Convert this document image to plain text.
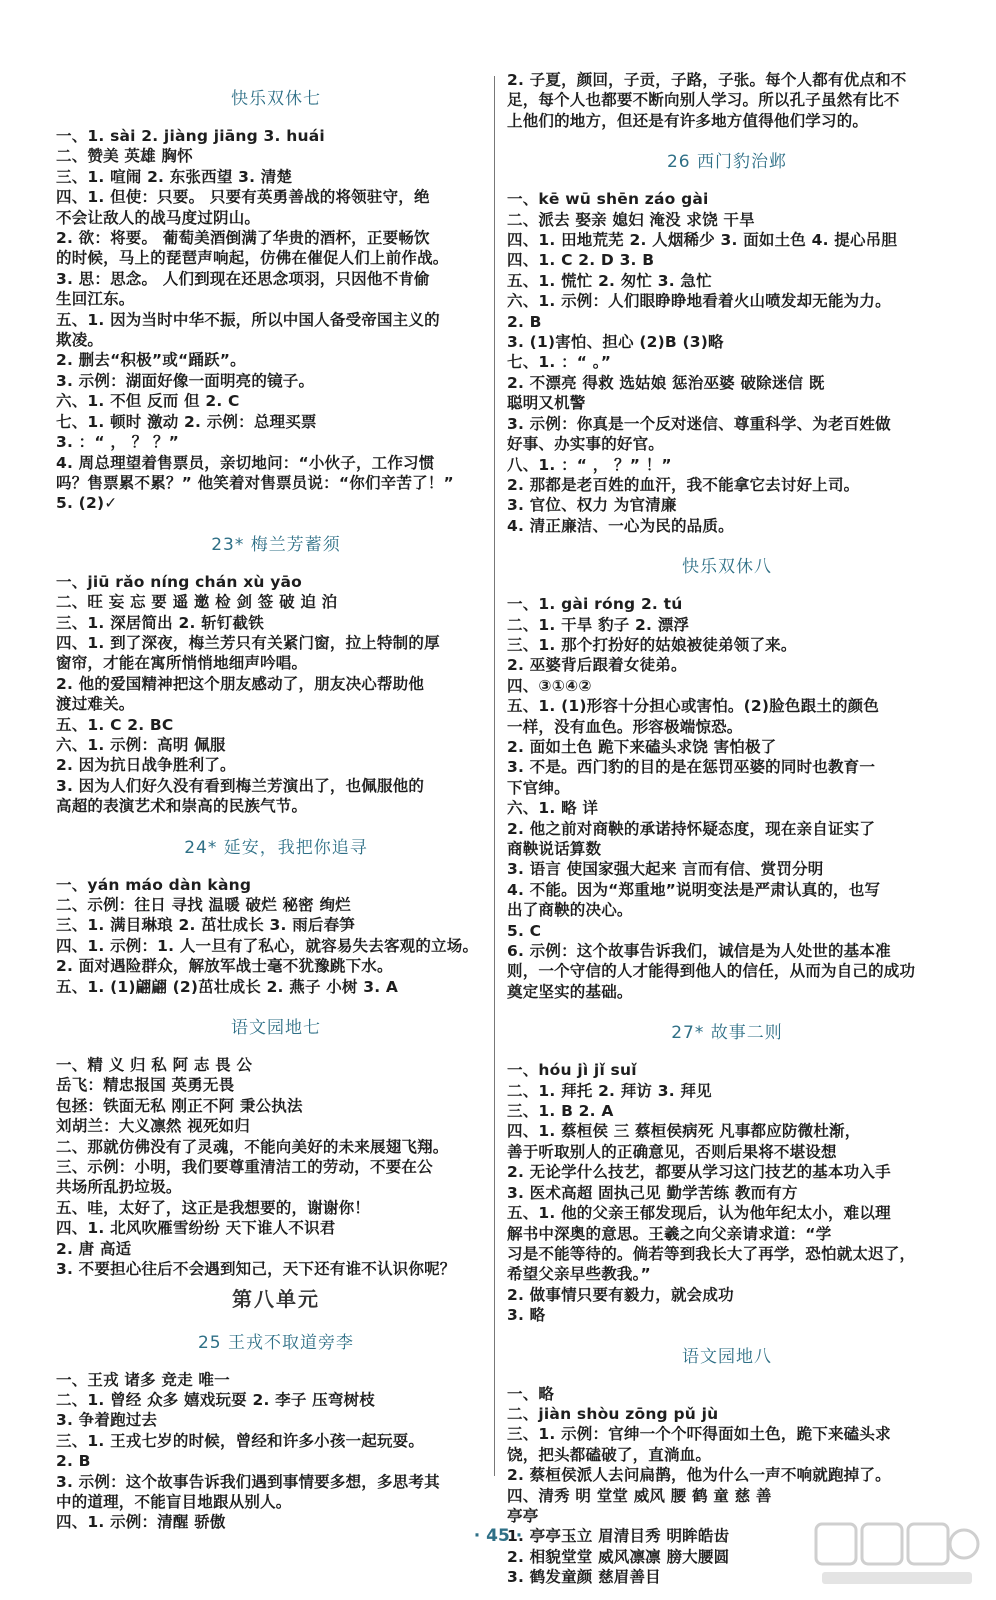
快乐双休七
一、1. sài 2. jiàng jiāng 3. huái
二、赞美 英雄 胸怀
三、1. 喧闹 2. 东张西望 3. 清楚
四、1. 但使：只要。 只要有英勇善战的将领驻守，绝
不会让敌人的战马度过阴山。
2. 欲：将要。 葡萄美酒倒满了华贵的酒杯，正要畅饮
的时候，马上的琵琶声响起，仿佛在催促人们上前作战。
3. 思：思念。 人们到现在还思念项羽，只因他不肯偷
生回江东。
五、1. 因为当时中华不振，所以中国人备受帝国主义的
欺凌。
2. 删去“积极”或“踊跃”。
3. 示例：湖面好像一面明亮的镜子。
六、1. 不但 反而 但 2. C
七、1. 顿时 激动 2. 示例：总理买票
3. ：“ ， ？ ？”
4. 周总理望着售票员，亲切地问：“小伙子，工作习惯
吗？售票累不累？” 他笑着对售票员说：“你们辛苦了！”
5. (2)✓
23* 梅兰芳蓄须
一、jiū rǎo níng chán xù yāo
二、旺 妄 忘 要 遥 邀 检 剑 签 破 迫 泊
三、1. 深居简出 2. 斩钉截铁
四、1. 到了深夜，梅兰芳只有关紧门窗，拉上特制的厚
窗帘，才能在寓所悄悄地细声吟唱。
2. 他的爱国精神把这个朋友感动了，朋友决心帮助他
渡过难关。
五、1. C 2. BC
六、1. 示例：高明 佩服
2. 因为抗日战争胜利了。
3. 因为人们好久没有看到梅兰芳演出了，也佩服他的
高超的表演艺术和崇高的民族气节。
24* 延安，我把你追寻
一、yán máo dàn kàng
二、示例：往日 寻找 温暖 破烂 秘密 绚烂
三、1. 满目琳琅 2. 茁壮成长 3. 雨后春笋
四、1. 示例：1. 人一旦有了私心，就容易失去客观的立场。
2. 面对遇险群众，解放军战士毫不犹豫跳下水。
五、1. (1)翩翩 (2)茁壮成长 2. 燕子 小树 3. A
语文园地七
一、精 义 归 私 阿 志 畏 公
岳飞：精忠报国 英勇无畏
包拯：铁面无私 刚正不阿 秉公执法
刘胡兰：大义凛然 视死如归
二、那就仿佛没有了灵魂，不能向美好的未来展翅飞翔。
三、示例：小明，我们要尊重清洁工的劳动，不要在公
共场所乱扔垃圾。
五、哇，太好了，这正是我想要的，谢谢你！
四、1. 北风吹雁雪纷纷 天下谁人不识君
2. 唐 高适
3. 不要担心往后不会遇到知己，天下还有谁不认识你呢？
第八单元
25 王戎不取道旁李
一、王戎 诸多 竞走 唯一
二、1. 曾经 众多 嬉戏玩耍 2. 李子 压弯树枝
3. 争着跑过去
三、1. 王戎七岁的时候，曾经和许多小孩一起玩耍。
2. B
3. 示例：这个故事告诉我们遇到事情要多想，多思考其
中的道理，不能盲目地跟从别人。
四、1. 示例：清醒 骄傲
2. 子夏，颜回，子贡，子路，子张。每个人都有优点和不
足，每个人也都要不断向别人学习。所以孔子虽然有比不
上他们的地方，但还是有许多地方值得他们学习的。
26 西门豹治邺
一、kē wū shēn záo gài
二、派去 娶亲 媳妇 淹没 求饶 干旱
四、1. 田地荒芜 2. 人烟稀少 3. 面如土色 4. 提心吊胆
四、1. C 2. D 3. B
五、1. 慌忙 2. 匆忙 3. 急忙
六、1. 示例：人们眼睁睁地看着火山喷发却无能为力。
2. B
3. (1)害怕、担心 (2)B (3)略
七、1. ：“ 。”
2. 不漂亮 得救 选姑娘 惩治巫婆 破除迷信 既
聪明又机警
3. 示例：你真是一个反对迷信、尊重科学、为老百姓做
好事、办实事的好官。
八、1. ：“ ， ？” ！”
2. 那都是老百姓的血汗，我不能拿它去讨好上司。
3. 官位、权力 为官清廉
4. 清正廉洁、一心为民的品质。
快乐双休八
一、1. gài róng 2. tú
二、1. 干旱 豹子 2. 漂浮
三、1. 那个打扮好的姑娘被徒弟领了来。
2. 巫婆背后跟着女徒弟。
四、③①④②
五、1. (1)形容十分担心或害怕。(2)脸色跟土的颜色
一样，没有血色。形容极端惊恐。
2. 面如土色 跪下来磕头求饶 害怕极了
3. 不是。西门豹的目的是在惩罚巫婆的同时也教育一
下官绅。
六、1. 略 详
2. 他之前对商鞅的承诺持怀疑态度，现在亲自证实了
商鞅说话算数
3. 语言 使国家强大起来 言而有信、赏罚分明
4. 不能。因为“郑重地”说明变法是严肃认真的，也写
出了商鞅的决心。
5. C
6. 示例：这个故事告诉我们，诚信是为人处世的基本准
则，一个守信的人才能得到他人的信任，从而为自己的成功
奠定坚实的基础。
27* 故事二则
一、hóu jì jǐ suǐ
二、1. 拜托 2. 拜访 3. 拜见
三、1. B 2. A
四、1. 蔡桓侯 三 蔡桓侯病死 凡事都应防微杜渐，
善于听取别人的正确意见，否则后果将不堪设想
2. 无论学什么技艺，都要从学习这门技艺的基本功入手
3. 医术高超 固执己见 勤学苦练 教而有方
五、1. 他的父亲王郁发现后，认为他年纪太小，难以理
解书中深奥的意思。王羲之向父亲请求道：“学
习是不能等待的。倘若等到我长大了再学，恐怕就太迟了，
希望父亲早些教我。”
2. 做事情只要有毅力，就会成功
3. 略
语文园地八
一、略
二、jiàn shòu zōng pǔ jù
三、1. 示例：官绅一个个吓得面如土色，跪下来磕头求
饶，把头都磕破了，直淌血。
2. 蔡桓侯派人去问扁鹊，他为什么一声不响就跑掉了。
四、清秀 明 堂堂 威风 腰 鹤 童 慈 善
亭亭
1. 亭亭玉立 眉清目秀 明眸皓齿
2. 相貌堂堂 威风凛凛 膀大腰圆
3. 鹤发童颜 慈眉善目
· 45 ·
